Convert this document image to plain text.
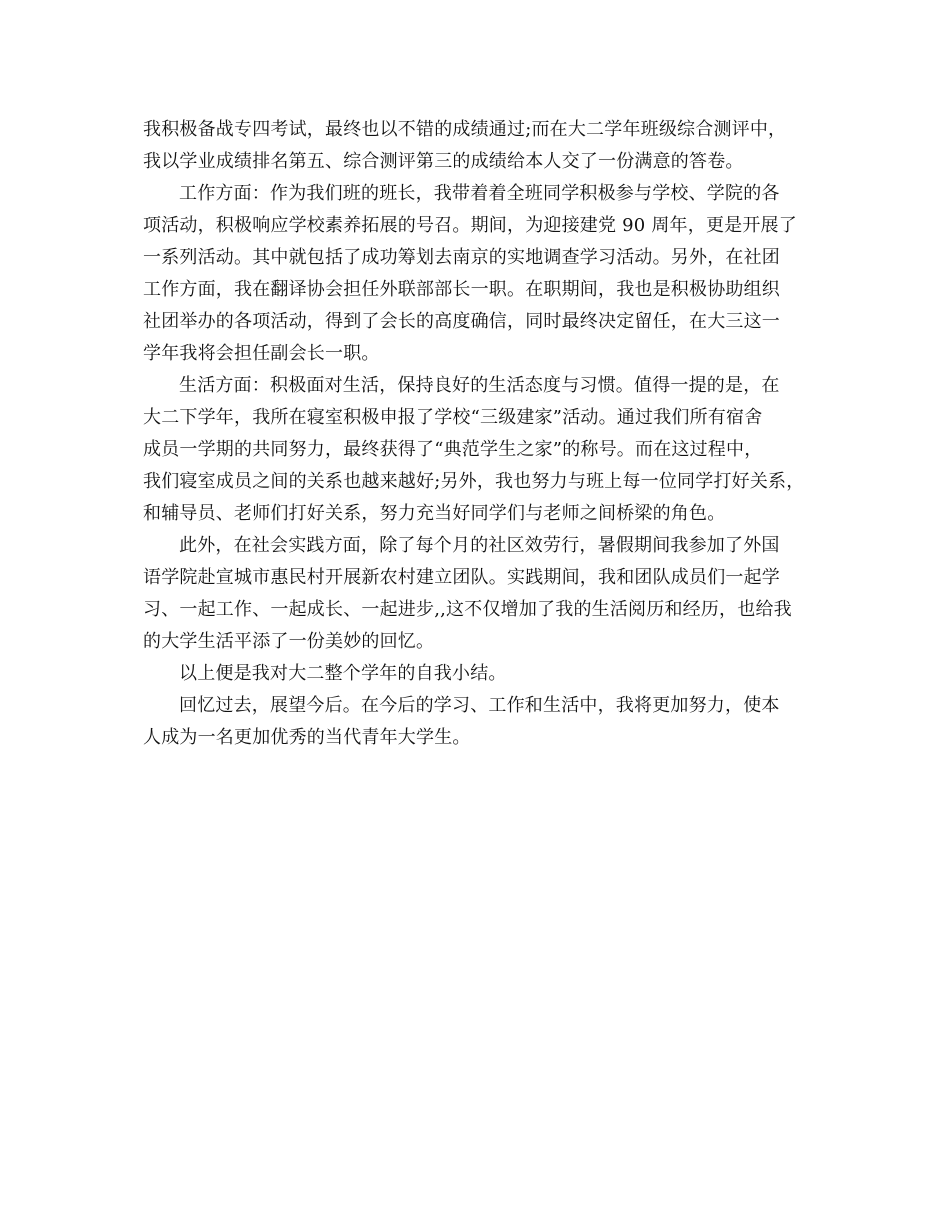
我积极备战专四考试，最终也以不错的成绩通过;而在大二学年班级综合测评中，
我以学业成绩排名第五、综合测评第三的成绩给本人交了一份满意的答卷。
工作方面：作为我们班的班长，我带着着全班同学积极参与学校、学院的各
项活动，积极响应学校素养拓展的号召。期间，为迎接建党 90 周年，更是开展了
一系列活动。其中就包括了成功筹划去南京的实地调查学习活动。另外，在社团
工作方面，我在翻译协会担任外联部部长一职。在职期间，我也是积极协助组织
社团举办的各项活动，得到了会长的高度确信，同时最终决定留任，在大三这一
学年我将会担任副会长一职。
生活方面：积极面对生活，保持良好的生活态度与习惯。值得一提的是，在
大二下学年，我所在寝室积极申报了学校“三级建家”活动。通过我们所有宿舍
成员一学期的共同努力，最终获得了“典范学生之家”的称号。而在这过程中，
我们寝室成员之间的关系也越来越好;另外，我也努力与班上每一位同学打好关系，
和辅导员、老师们打好关系，努力充当好同学们与老师之间桥梁的角色。
此外，在社会实践方面，除了每个月的社区效劳行，暑假期间我参加了外国
语学院赴宣城市惠民村开展新农村建立团队。实践期间，我和团队成员们一起学
习、一起工作、一起成长、一起进步,,这不仅增加了我的生活阅历和经历，也给我
的大学生活平添了一份美妙的回忆。
以上便是我对大二整个学年的自我小结。
回忆过去，展望今后。在今后的学习、工作和生活中，我将更加努力，使本
人成为一名更加优秀的当代青年大学生。
